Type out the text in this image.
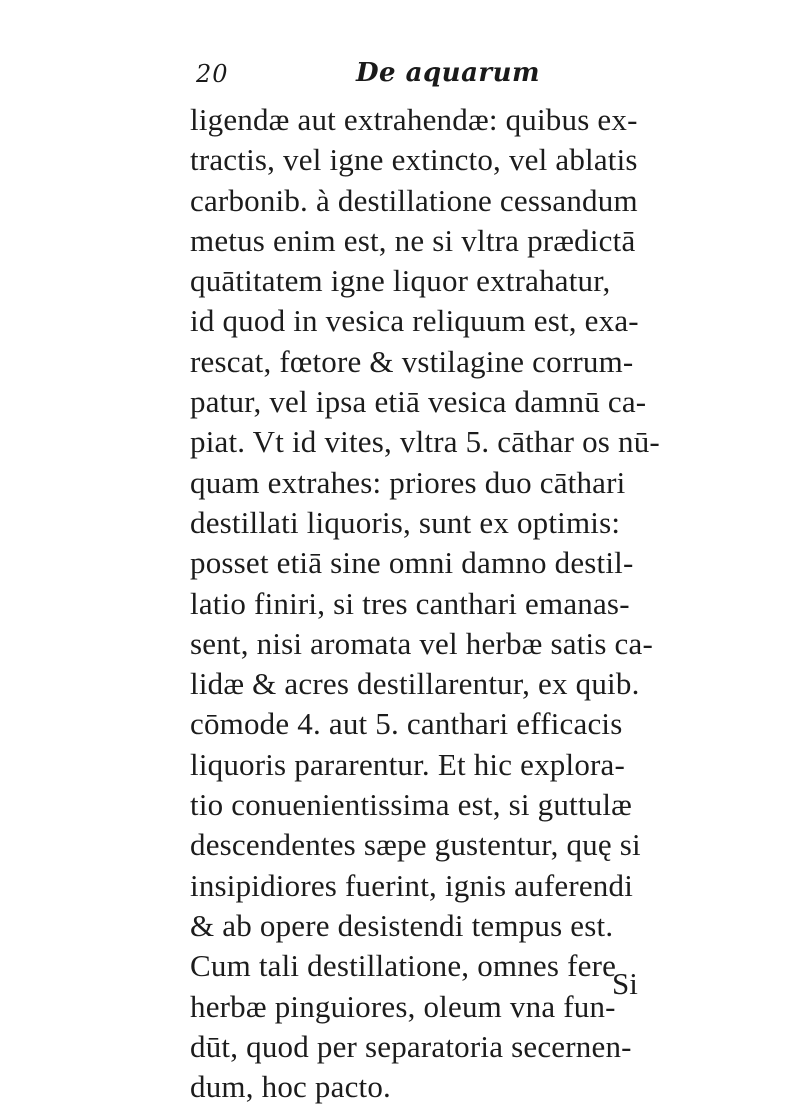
20	De aquarum
ligendæ aut extrahendæ: quibus ex-
tractis, vel igne extincto, vel ablatis
carbonib. à destillatione cessandum
metus enim est, ne si vltra prædictā
quātitatem igne liquor extrahatur,
id quod in vesica reliquum est, exa-
rescat, fœtore & vstilagine corrum-
patur, vel ipsa etiā vesica damnū ca-
piat. Vt id vites, vltra 5. cāthar os nū-
quam extrahes: priores duo cāthari
destillati liquoris, sunt ex optimis:
posset etiā sine omni damno destil-
latio finiri, si tres canthari emanas-
sent, nisi aromata vel herbæ satis ca-
lidæ & acres destillarentur, ex quib.
cōmode 4. aut 5. canthari efficacis
liquoris pararentur. Et hic explora-
tio conuenientissima est, si guttulæ
descendentes sæpe gustentur, quę si
insipidiores fuerint, ignis auferendi
& ab opere desistendi tempus est.
Cum tali destillatione, omnes fere
herbæ pinguiores, oleum vna fun-
dūt, quod per separatoria secernen-
dum, hoc pacto.
Si
